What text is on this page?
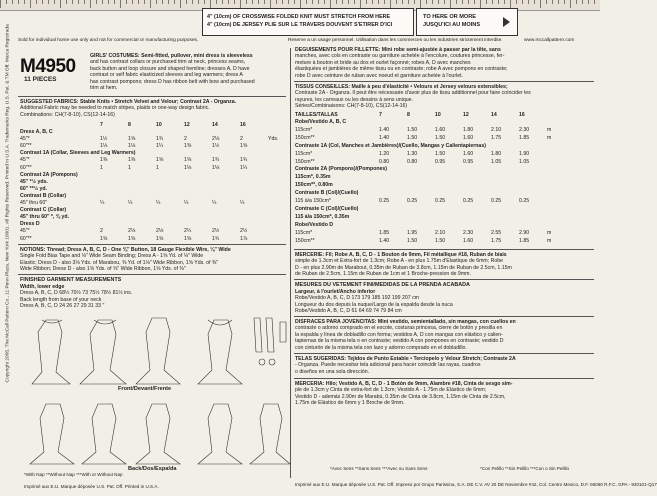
4" (10cm) OF CROSSWISE FOLDED KNIT MUST STRETCH FROM HERE
4" (10cm) DE JERSEY PLIE SUR LE TRAVERS DOUVENT S'ETIRER D'ICI
TO HERE OR MORE
JUSQU'ICI AU MOINS
Sold for individual home use only and not for commercial or manufacturing purposes.	Reserve a un usage personnel. Utilisation dans les commerces ou les industries strictement interdite.	www.mccallpattern.com
Copyright 2005, The McCall Pattern Co., 11 Penn Plaza, New York 10001. All Rights Reserved. Printed in U.S.A. Trademarks Reg. U.S. Pat. & TM Off. Marca Registrada M4950
11 PIECES
GIRLS' COSTUMES: Semi-fitted, pullover, mini dress is sleeveless
and has contrast collars or purchased trim at neck, princess seams,
back button and loop closure and shaped hemline; dresses A, D have
contrast or self fabric elasticized sleeves and leg warmers; dress A
has contrast pompons; dress D has ribbon belt with bow and purchased
trim at hem.
SUGGESTED FABRICS: Stable Knits • Stretch Velvet and Velour; Contrast 2A - Organza.
Additional Fabric may be needed to match stripes, plaids or one-way design fabric.
Combinations: CH(7-8-10), CS(12-14-16)
7	8	10	12	14	16
Dress A, B, C
45"*	1½	1⅝	1¾	2	2⅛	2	Yds.
60"**	1⅛	1⅛	1¼	1⅜	1½	1⅝
Contrast 1A (Collar, Sleeves and Leg Warmers)
45"*	1⅜	1⅜	1⅝	1⅝	1¾	1¾
60"**	1	1	1	1⅛	1⅛	1¼
Contrast 2A (Pompons)
45" *½ yds.
60" **½ yd.
Contrast B (Collar)
45" thru 60"	¼	¼	¼	¼	¼	¼
Contrast C (Collar)
45" thru 60" *, ⅜ yd.
Dress D
45"*	2	2⅛	2⅛	2¼	2½	2½
60"**	1⅝	1⅝	1⅝	1⅝	1¾	1⅞
NOTIONS: Thread; Dress A, B, C, D - One ⅜" Button, 18 Gauge Flexible Wire, ⅛" Wide
Single Fold Bias Tape and ⅛" Wide Seam Binding; Dress A - 1⅝ Yd. of ⅛" Wide
Elastic; Dress D - also 3⅛ Yds. of Marabou, ⅜ Yd. of 1⅛" Wide Ribbon, 1⅝ Yds. of ⅜"
Wide Ribbon; Dress D - also 1⅝ Yds. of ⅝" Wide Ribbon, 1⅝ Yds. of ⅜"
FINISHED GARMENT MEASUREMENTS
Width, lower edge
Dress A, B, C, D 68½ 70½ 73 75½ 78½ 81½ ins.
Back length from base of your neck
Dress A, B, C, D 24 26 27 29 31 33 "
Front/Devant/Frente
Back/Dos/Espalda
*With Nap **Without Nap ***With or Without Nap
Imprimé aux E.U. Marque déposée U.S. Pat. Off. Printed in U.S.A.
DEGUISEMENTS POUR FILLETTE: Mini robe semi-ajustée à passer par la tête, sans
manches, avec cols en contraste ou garniture achetée à l'encolure, coutures princesse, fer-
meture à bouton et bride au dos et ourlet façonné; robes A, D avec manches
élastiquées et jambières de même tissu ou en contraste; robe A avec pompons en contraste;
robe D avec ceinture de ruban avec noeud et garniture achetée à l'ourlet.
TISSUS CONSEILLES: Maille à peu d'élasticité • Velours et Jersey velours extensibles;
Contraste 2A - Organza. Il peut être nécessaire d'avoir plus de tissu additionnel pour faire coïncider les
rayures, les carreaux ou les dessins à sens unique.
Séries/Combinaisons: CH(7-8-10), CS(12-14-16)
7	8	10	12	14	16
Robe/Vestido A, B, C
115cm*	1.40	1.50	1.60	1.80	2.10	2.30	m
150cm**	1.40	1.50	1.50	1.60	1.75	1.85	m
Contraste 1A (Col, Manches et Jambières)/(Cuello, Mangas y Calientapiernas)
115cm*	1.20	1.30	1.50	1.60	1.80	1.90
150cm**	0.80	0.80	0.95	0.95	1.05	1.05
Contraste 2A (Pompons)/(Pompones)
115cm*, 0.35m
150cm**, 0.80m
Contraste B (Col)/(Cuello)
115 à/a 150cm*	0.25	0.25	0.25	0.25	0.25	0.25
Contraste C (Col)/(Cuello)
115 à/a 150cm*, 0.35m
Robe/Vestido D
115cm*	1.85	1.95	2.10	2.30	2.55	2.90	m
150cm**	1.40	1.50	1.50	1.60	1.75	1.85	m
TAILLES/TALLAS
MERCERIE: Fil; Robe A, B, C, D - 1 Bouton de 9mm, Fil métallique #18, Ruban de biais
simple de 1.3cm et Extra-fort de 1.3cm; Robe A - en plus 1.75m d'Elastique de 6mm; Robe
D - en plus 2.90m de Marabout, 0.35m de Ruban de 3.8cm, 1.15m de Ruban de 2.5cm, 1.15m
de Ruban de 2.5cm, 1.15m de Ruban de 1cm et 1 Broche-pression de 9mm.
MESURES DU VETEMENT FINI/MEDIDAS DE LA PRENDA ACABADA
Largeur, à l'ourlet/Ancho inferior
Robe/Vestido A, B, C, D 173 179 185 192 199 207 cm
Longueur du dos depuis la nuque/Largo de la espalda desde la nuca
Robe/Vestido A, B, C, D 61 64 69 74 79 84 cm
DISFRACES PARA JOVENCITAS: Mini vestido, semientallado, sin mangas, con cuellos en
contraste o adorno comprado en el escote, costuras princesa, cierre de botón y presilla en
la espalda y línea de dobladillo con forma; vestidos A, D con mangas con elástico y calien-
tapiernas de la misma tela o en contraste; vestido A con pompones en contraste; vestido D
con cinturón de la misma tela con lazo y adorno comprado en el dobladillo.
TELAS SUGERIDAS: Tejidos de Punto Estable • Terciopelo y Velour Stretch; Contraste 2A
- Organza. Puede necesitar tela adicional para hacer coincidir las rayas, cuadros
o diseños en una sola dirección.
MERCERIA: Hilo; Vestido A, B, C, D - 1 Botón de 9mm, Alambre #18, Cinta de sesgo sim-
ple de 1.3cm y Cinta de extra-fort de 1.3cm; Vestido A - 1.75m de Elástico de 6mm;
Vestido D - además 2.90m de Marabú, 0.35m de Cinta de 3.8cm, 1.15m de Cinta de 2.5cm,
1.75m de Elástico de 6mm y 1 Broche de 9mm.
*Avec Sens **Sans Sens ***Avec ou Sans Sens	*Con Pelillo **Sin Pelillo ***Con o Sin Pelillo
Imprimé aux E.U. Marque déposée U.S. Pat. Off. Impreso por Grupo Parissina, S.A. DE C.V. AV 20 DE Noviembre #42, Col. Centro Mexico, D.F. 06060 R.F.C. GPA - 930101-Q17
